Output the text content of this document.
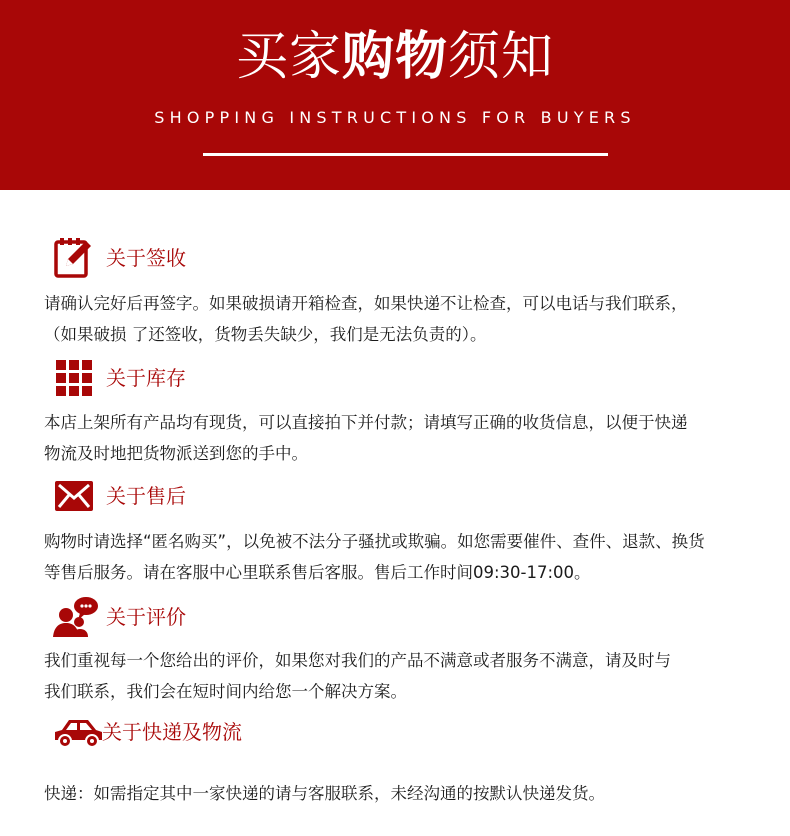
买家购物须知
SHOPPING INSTRUCTIONS FOR BUYERS
关于签收
请确认完好后再签字。如果破损请开箱检查，如果快递不让检查，可以电话与我们联系，
（如果破损 了还签收，货物丢失缺少，我们是无法负责的）。
关于库存
本店上架所有产品均有现货，可以直接拍下并付款；请填写正确的收货信息，以便于快递
物流及时地把货物派送到您的手中。
关于售后
购物时请选择“匿名购买”，以免被不法分子骚扰或欺骗。如您需要催件、查件、退款、换货
等售后服务。请在客服中心里联系售后客服。售后工作时间09:30-17:00。
关于评价
我们重视每一个您给出的评价，如果您对我们的产品不满意或者服务不满意，请及时与
我们联系，我们会在短时间内给您一个解决方案。
关于快递及物流
快递：如需指定其中一家快递的请与客服联系，未经沟通的按默认快递发货。
